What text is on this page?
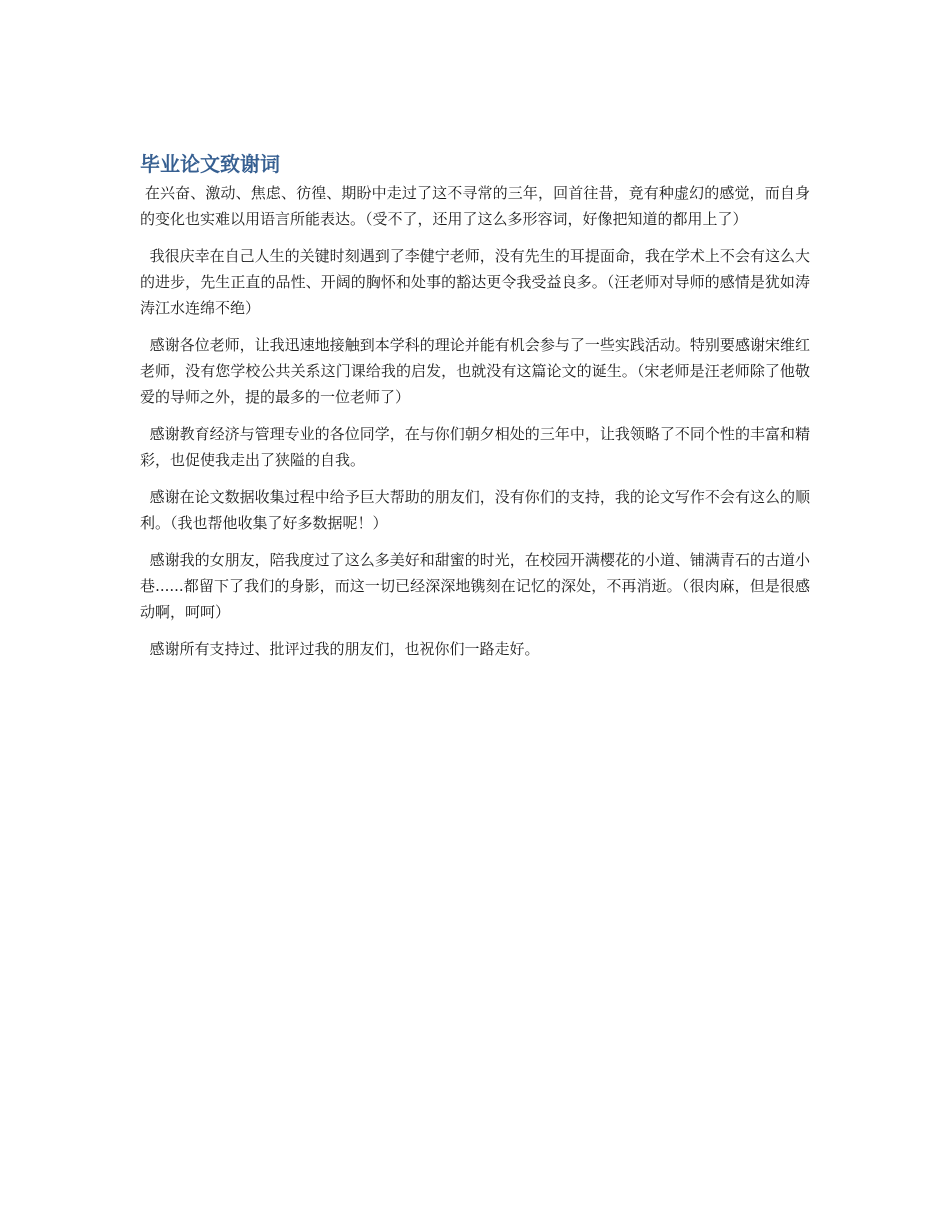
毕业论文致谢词

在兴奋、激动、焦虑、彷徨、期盼中走过了这不寻常的三年，回首往昔，竟有种虚幻的感觉，而自身的变化也实难以用语言所能表达。（受不了，还用了这么多形容词，好像把知道的都用上了）

我很庆幸在自己人生的关键时刻遇到了李健宁老师，没有先生的耳提面命，我在学术上不会有这么大的进步，先生正直的品性、开阔的胸怀和处事的豁达更令我受益良多。（汪老师对导师的感情是犹如涛涛江水连绵不绝）

感谢各位老师，让我迅速地接触到本学科的理论并能有机会参与了一些实践活动。特别要感谢宋维红老师，没有您学校公共关系这门课给我的启发，也就没有这篇论文的诞生。（宋老师是汪老师除了他敬爱的导师之外，提的最多的一位老师了）

感谢教育经济与管理专业的各位同学，在与你们朝夕相处的三年中，让我领略了不同个性的丰富和精彩，也促使我走出了狭隘的自我。

感谢在论文数据收集过程中给予巨大帮助的朋友们，没有你们的支持，我的论文写作不会有这么的顺利。（我也帮他收集了好多数据呢！）

感谢我的女朋友，陪我度过了这么多美好和甜蜜的时光，在校园开满樱花的小道、铺满青石的古道小巷......都留下了我们的身影，而这一切已经深深地镌刻在记忆的深处，不再消逝。（很肉麻，但是很感动啊，呵呵）

感谢所有支持过、批评过我的朋友们，也祝你们一路走好。
